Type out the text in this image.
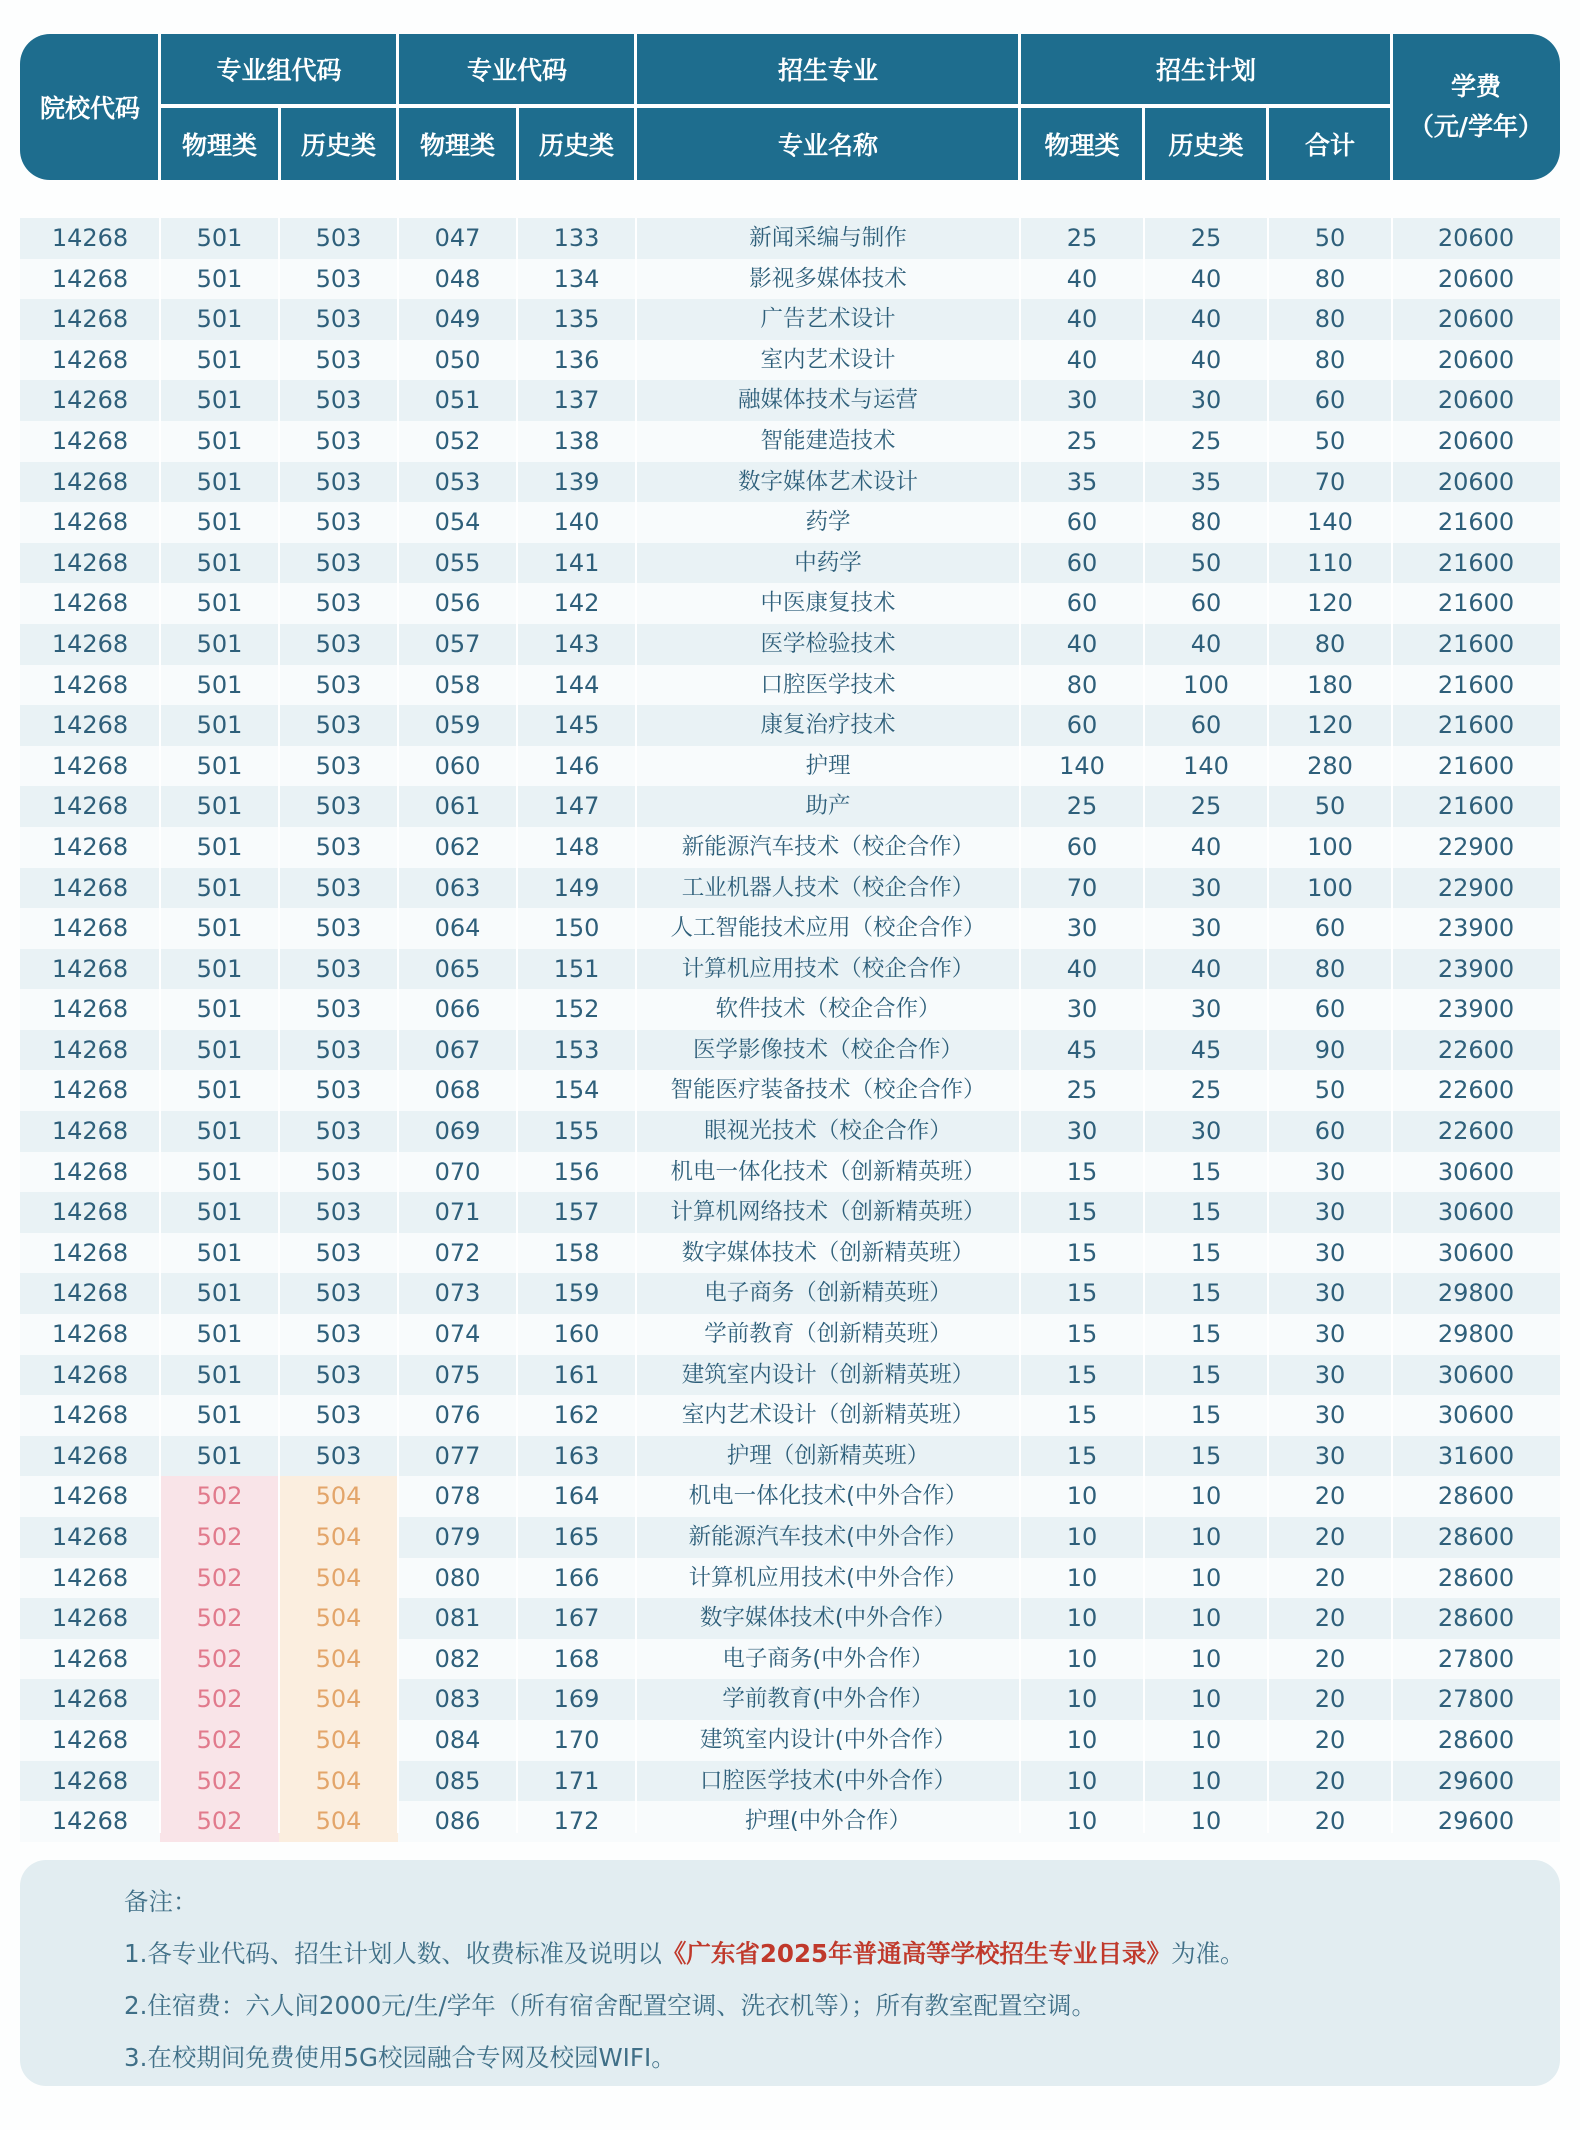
院校代码
专业组代码	专业代码	招生专业	招生计划
学费
（元/学年）
物理类	历史类	物理类	历史类	专业名称	物理类	历史类	合计
14268	501	503	047	133	新闻采编与制作	25	25	50	20600
14268	501	503	048	134	影视多媒体技术	40	40	80	20600
14268	501	503	049	135	广告艺术设计	40	40	80	20600
14268	501	503	050	136	室内艺术设计	40	40	80	20600
14268	501	503	051	137	融媒体技术与运营	30	30	60	20600
14268	501	503	052	138	智能建造技术	25	25	50	20600
14268	501	503	053	139	数字媒体艺术设计	35	35	70	20600
14268	501	503	054	140	药学	60	80	140	21600
14268	501	503	055	141	中药学	60	50	110	21600
14268	501	503	056	142	中医康复技术	60	60	120	21600
14268	501	503	057	143	医学检验技术	40	40	80	21600
14268	501	503	058	144	口腔医学技术	80	100	180	21600
14268	501	503	059	145	康复治疗技术	60	60	120	21600
14268	501	503	060	146	护理	140	140	280	21600
14268	501	503	061	147	助产	25	25	50	21600
14268	501	503	062	148	新能源汽车技术（校企合作）	60	40	100	22900
14268	501	503	063	149	工业机器人技术（校企合作）	70	30	100	22900
14268	501	503	064	150	人工智能技术应用（校企合作）	30	30	60	23900
14268	501	503	065	151	计算机应用技术（校企合作）	40	40	80	23900
14268	501	503	066	152	软件技术（校企合作）	30	30	60	23900
14268	501	503	067	153	医学影像技术（校企合作）	45	45	90	22600
14268	501	503	068	154	智能医疗装备技术（校企合作）	25	25	50	22600
14268	501	503	069	155	眼视光技术（校企合作）	30	30	60	22600
14268	501	503	070	156	机电一体化技术（创新精英班）	15	15	30	30600
14268	501	503	071	157	计算机网络技术（创新精英班）	15	15	30	30600
14268	501	503	072	158	数字媒体技术（创新精英班）	15	15	30	30600
14268	501	503	073	159	电子商务（创新精英班）	15	15	30	29800
14268	501	503	074	160	学前教育（创新精英班）	15	15	30	29800
14268	501	503	075	161	建筑室内设计（创新精英班）	15	15	30	30600
14268	501	503	076	162	室内艺术设计（创新精英班）	15	15	30	30600
14268	501	503	077	163	护理（创新精英班）	15	15	30	31600
14268	502	504	078	164	机电一体化技术(中外合作）	10	10	20	28600
14268	502	504	079	165	新能源汽车技术(中外合作）	10	10	20	28600
14268	502	504	080	166	计算机应用技术(中外合作）	10	10	20	28600
14268	502	504	081	167	数字媒体技术(中外合作）	10	10	20	28600
14268	502	504	082	168	电子商务(中外合作）	10	10	20	27800
14268	502	504	083	169	学前教育(中外合作）	10	10	20	27800
14268	502	504	084	170	建筑室内设计(中外合作）	10	10	20	28600
14268	502	504	085	171	口腔医学技术(中外合作）	10	10	20	29600
14268	502	504	086	172	护理(中外合作）	10	10	20	29600
备注：
1.各专业代码、招生计划人数、收费标准及说明以《广东省2025年普通高等学校招生专业目录》为准。
2.住宿费：六人间2000元/生/学年（所有宿舍配置空调、洗衣机等）；所有教室配置空调。
3.在校期间免费使用5G校园融合专网及校园WIFI。
